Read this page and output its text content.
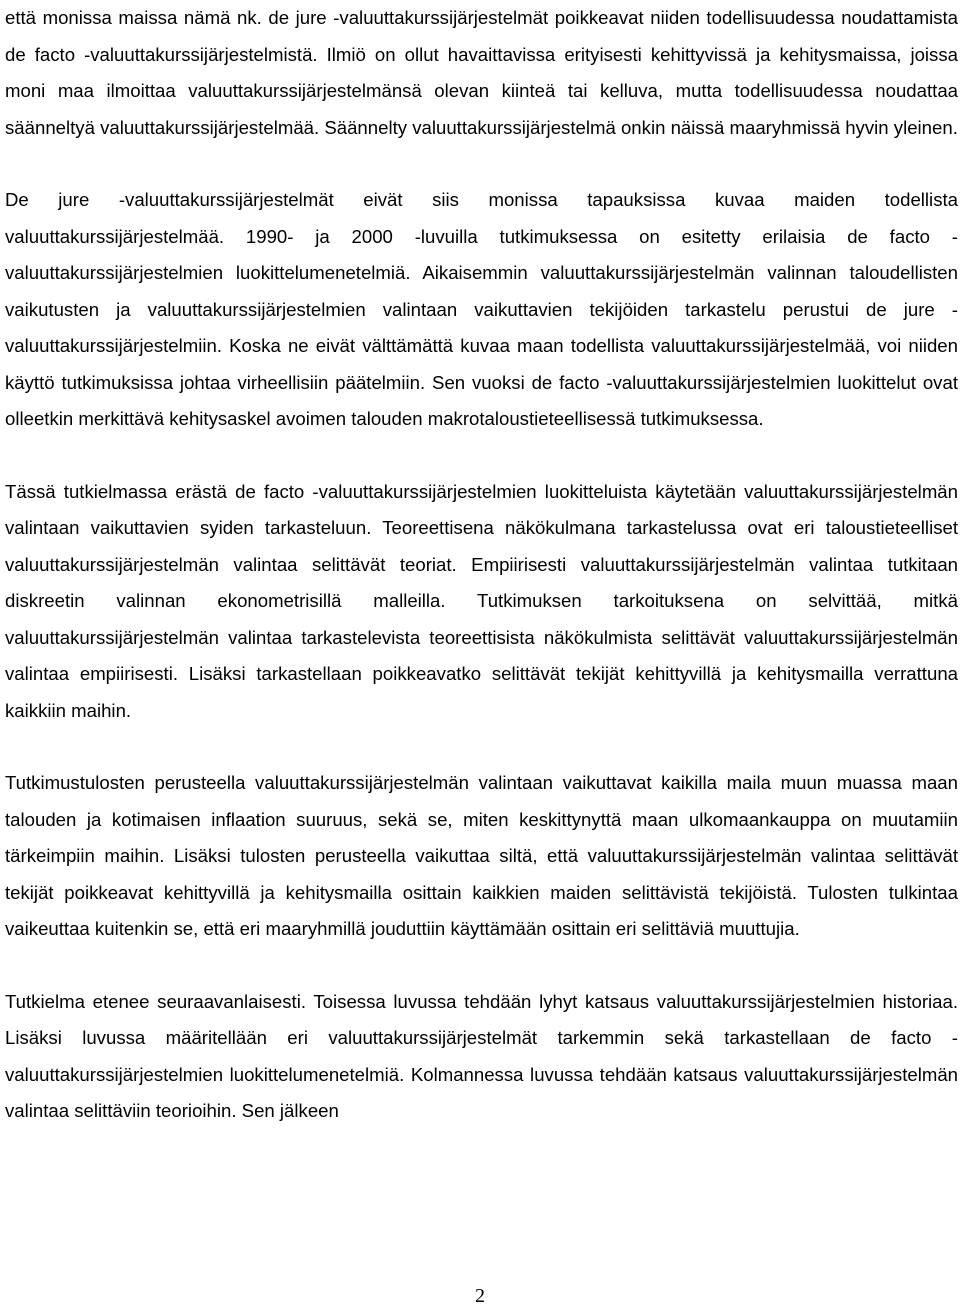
että monissa maissa nämä nk. de jure -valuuttakurssijärjestelmät poikkeavat niiden todellisuudessa noudattamista de facto -valuuttakurssijärjestelmistä. Ilmiö on ollut havaittavissa erityisesti kehittyvissä ja kehitysmaissa, joissa moni maa ilmoittaa valuuttakurssijärjestelmänsä olevan kiinteä tai kelluva, mutta todellisuudessa noudattaa säänneltyä valuuttakurssijärjestelmää. Säännelty valuuttakurssijärjestelmä onkin näissä maaryhmissä hyvin yleinen.

De jure -valuuttakurssijärjestelmät eivät siis monissa tapauksissa kuvaa maiden todellista valuuttakurssijärjestelmää. 1990- ja 2000 -luvuilla tutkimuksessa on esitetty erilaisia de facto -valuuttakurssijärjestelmien luokittelumenetelmiä. Aikaisemmin valuuttakurssijärjestelmän valinnan taloudellisten vaikutusten ja valuuttakurssijärjestelmien valintaan vaikuttavien tekijöiden tarkastelu perustui de jure -valuuttakurssijärjestelmiin. Koska ne eivät välttämättä kuvaa maan todellista valuuttakurssijärjestelmää, voi niiden käyttö tutkimuksissa johtaa virheellisiin päätelmiin. Sen vuoksi de facto -valuuttakurssijärjestelmien luokittelut ovat olleetkin merkittävä kehitysaskel avoimen talouden makrotaloustieteellisessä tutkimuksessa.

Tässä tutkielmassa erästä de facto -valuuttakurssijärjestelmien luokitteluista käytetään valuuttakurssijärjestelmän valintaan vaikuttavien syiden tarkasteluun. Teoreettisena näkökulmana tarkastelussa ovat eri taloustieteelliset valuuttakurssijärjestelmän valintaa selittävät teoriat. Empiirisesti valuuttakurssijärjestelmän valintaa tutkitaan diskreetin valinnan ekonometrisillä malleilla. Tutkimuksen tarkoituksena on selvittää, mitkä valuuttakurssijärjestelmän valintaa tarkastelevista teoreettisista näkökulmista selittävät valuuttakurssijärjestelmän valintaa empiirisesti. Lisäksi tarkastellaan poikkeavatko selittävät tekijät kehittyvillä ja kehitysmailla verrattuna kaikkiin maihin.

Tutkimustulosten perusteella valuuttakurssijärjestelmän valintaan vaikuttavat kaikilla maila muun muassa maan talouden ja kotimaisen inflaation suuruus, sekä se, miten keskittynyttä maan ulkomaankauppa on muutamiin tärkeimpiin maihin. Lisäksi tulosten perusteella vaikuttaa siltä, että valuuttakurssijärjestelmän valintaa selittävät tekijät poikkeavat kehittyvillä ja kehitysmailla osittain kaikkien maiden selittävistä tekijöistä. Tulosten tulkintaa vaikeuttaa kuitenkin se, että eri maaryhmillä jouduttiin käyttämään osittain eri selittäviä muuttujia.

Tutkielma etenee seuraavanlaisesti. Toisessa luvussa tehdään lyhyt katsaus valuuttakurssijärjestelmien historiaa. Lisäksi luvussa määritellään eri valuuttakurssijärjestelmät tarkemmin sekä tarkastellaan de facto -valuuttakurssijärjestelmien luokittelumenetelmiä. Kolmannessa luvussa tehdään katsaus valuuttakurssijärjestelmän valintaa selittäviin teorioihin. Sen jälkeen

2
